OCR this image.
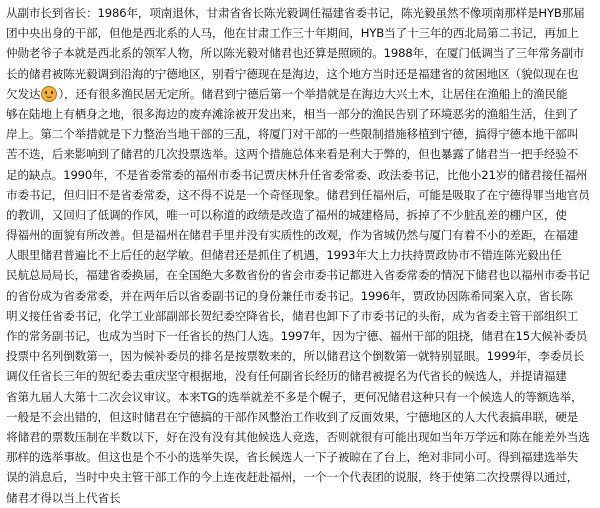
从副市长到省长：1986年，项南退休，甘肃省省长陈光毅调任福建省委书记，陈光毅虽然不像项南那样是HYB那届
团中央出身的干部，但他是西北系的人马，他在甘肃工作三十年期间，HYB当了十三年的西北局第二书记，再加上
仲勋老爷子本就是西北系的领军人物，所以陈光毅对储君也还算是照顾的。1988年，在厦门低调当了三年常务副市
长的储君被陈光毅调到沿海的宁德地区，别看宁德现在是海边，这个地方当时还是福建省的贫困地区（貌似现在也
欠发达 ），还有很多渔民居无定所。储君到宁德后第一个举措就是在海边大兴土木，让居住在渔船上的渔民能
够在陆地上有栖身之地，很多海边的废弃滩涂被开发出来，相当一部分的渔民告别了环境恶劣的渔船生活，住到了
岸上。第二个举措就是下力整治当地干部的三乱，将厦门对干部的一些限制措施移植到宁德，搞得宁德本地干部叫
苦不迭，后来影响到了储君的几次投票选举。这两个措施总体来看是利大于弊的，但也暴露了储君当一把手经验不
足的缺点。1990年，不是省委常委的福州市委书记贾庆林升任省委常委、政法委书记，比他小21岁的储君接任福州
市委书记，但归旧不是省委常委，这不得不说是一个奇怪现象。储君到任福州后，可能是吸取了在宁德得罪当地官员
的教训，又回归了低调的作风，唯一可以称道的政绩是改造了福州的城建格局，拆掉了不少脏乱差的棚户区，使
得福州的面貌有所改善。但是福州在储君手里并没有实质性的改观，作为省城仍然与厦门有着不小的差距，在福建
人眼里储君普遍比不上后任的赵学敏。但储君还是抓住了机遇，1993年大上力扶持贾政协市不错连陈光毅出任
民航总局局长，福建省委换届，在全国绝大多数省份的省会市委书记都进入省委常委的情况下储君也以福州市委书记
的省份成为省委常委，并在两年后以省委副书记的身份兼任市委书记。1996年，贾政协因陈希同案入京，省长陈
明义接任省委书记，化学工业部副部长贺纪委空降省长，储君也卸下了市委书记的头衔，成为省委主管干部组织工
作的常务副书记，也成为当时下一任省长的热门人选。1997年，因为宁德、福州干部的阻挠，储君在15大候补委员
投票中名列倒数第一，因为候补委员的排名是按票数来的，所以储君这个倒数第一就特别显眼。1999年，李委员长
调仪任省长三年的贺纪委去重庆坚守根据地，没有任何副省长经历的储君被提名为代省长的候选人，并提请福建
省第九届人大第十二次会议审议。本来TG的选举就差不多是个幌子，更何况储君这种只有一个候选人的等额选举，
一般是不会出错的，但这时储君在宁德搞的干部作风整治工作收到了反面效果，宁德地区的人大代表搞串联，硬是
将储君的票数压制在半数以下，好在没有没有其他候选人竞选，否则就很有可能出现如当年万学远和陈在能差外当选
那样的选举事故。但这也是个不小的选举失误，省长候选人一下子被晾在了台上，绝对非同小可。得到福建选举失
误的消息后，当时中央主管干部工作的今上连夜赶赴福州，一个一个代表团的说服，终于使第二次投票得以通过，
储君才得以当上代省长
